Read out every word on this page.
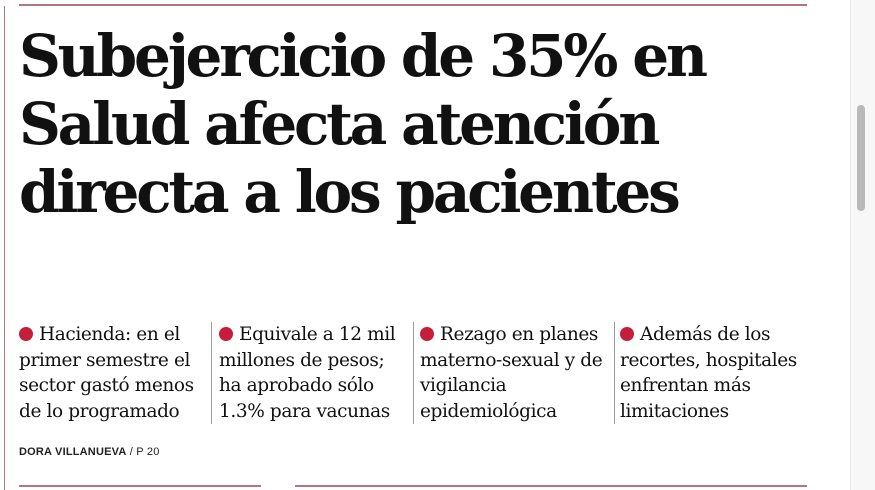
Subejercicio de 35% en
Salud afecta atención
directa a los pacientes
Hacienda: en el primer semestre el sector gastó menos de lo programado
Equivale a 12 mil millones de pesos; ha aprobado sólo 1.3% para vacunas
Rezago en planes materno-sexual y de vigilancia epidemiológica
Además de los recortes, hospitales enfrentan más limitaciones
DORA VILLANUEVA / P 20
